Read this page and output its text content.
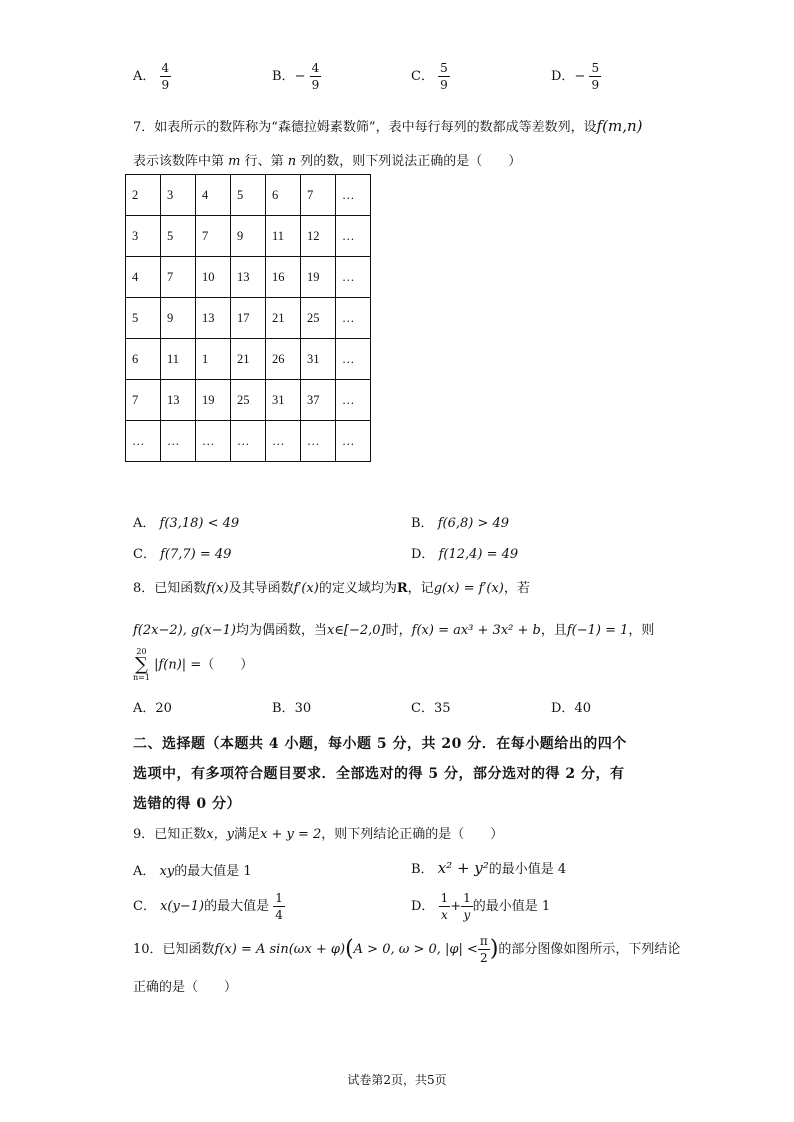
A． $\frac{4}{9}$	B．− $\frac{4}{9}$	C． $\frac{5}{9}$	D．− $\frac{5}{9}$
7．如表所示的数阵称为“森德拉姆素数筛”，表中每行每列的数都成等差数列，设f(m,n)
表示该数阵中第 m 行、第 n 列的数，则下列说法正确的是（　　）
2	3	4	5	6	7	…
3	5	7	9	11	12	…
4	7	10	13	16	19	…
5	9	13	17	21	25	…
6	11	1	21	26	31	…
7	13	19	25	31	37	…
…	…	…	…	…	…	…
A． f(3,18) < 49	B． f(6,8) > 49
C． f(7,7) = 49	D． f(12,4) = 49
8．已知函数f(x)及其导函数f′(x)的定义域均为R，记g(x) = f′(x)，若
f(2x−2), g(x−1)均为偶函数，当x∈[−2,0]时，f(x) = ax³ + 3x² + b，且f(−1) = 1，则
20
∑
n=1
|f(n)| =（　　）
A．20	B．30	C．35	D．40
二、选择题（本题共 4 小题，每小题 5 分，共 20 分．在每小题给出的四个
选项中，有多项符合题目要求．全部选对的得 5 分，部分选对的得 2 分，有
选错的得 0 分）
9．已知正数x，y满足x + y = 2，则下列结论正确的是（　　）
A． xy的最大值是 1	B． x² + y²的最小值是 4
C． x(y−1)的最大值是 $\frac{1}{4}$	D． $\frac{1}{x} + \frac{1}{y}$ 的最小值是 1
10．已知函数f(x) = A sin(ωx + φ)(A > 0, ω > 0, $|\varphi| < \frac{\pi}{2}$ )的部分图像如图所示，下列结论
正确的是（　　）
试卷第2页，共5页
